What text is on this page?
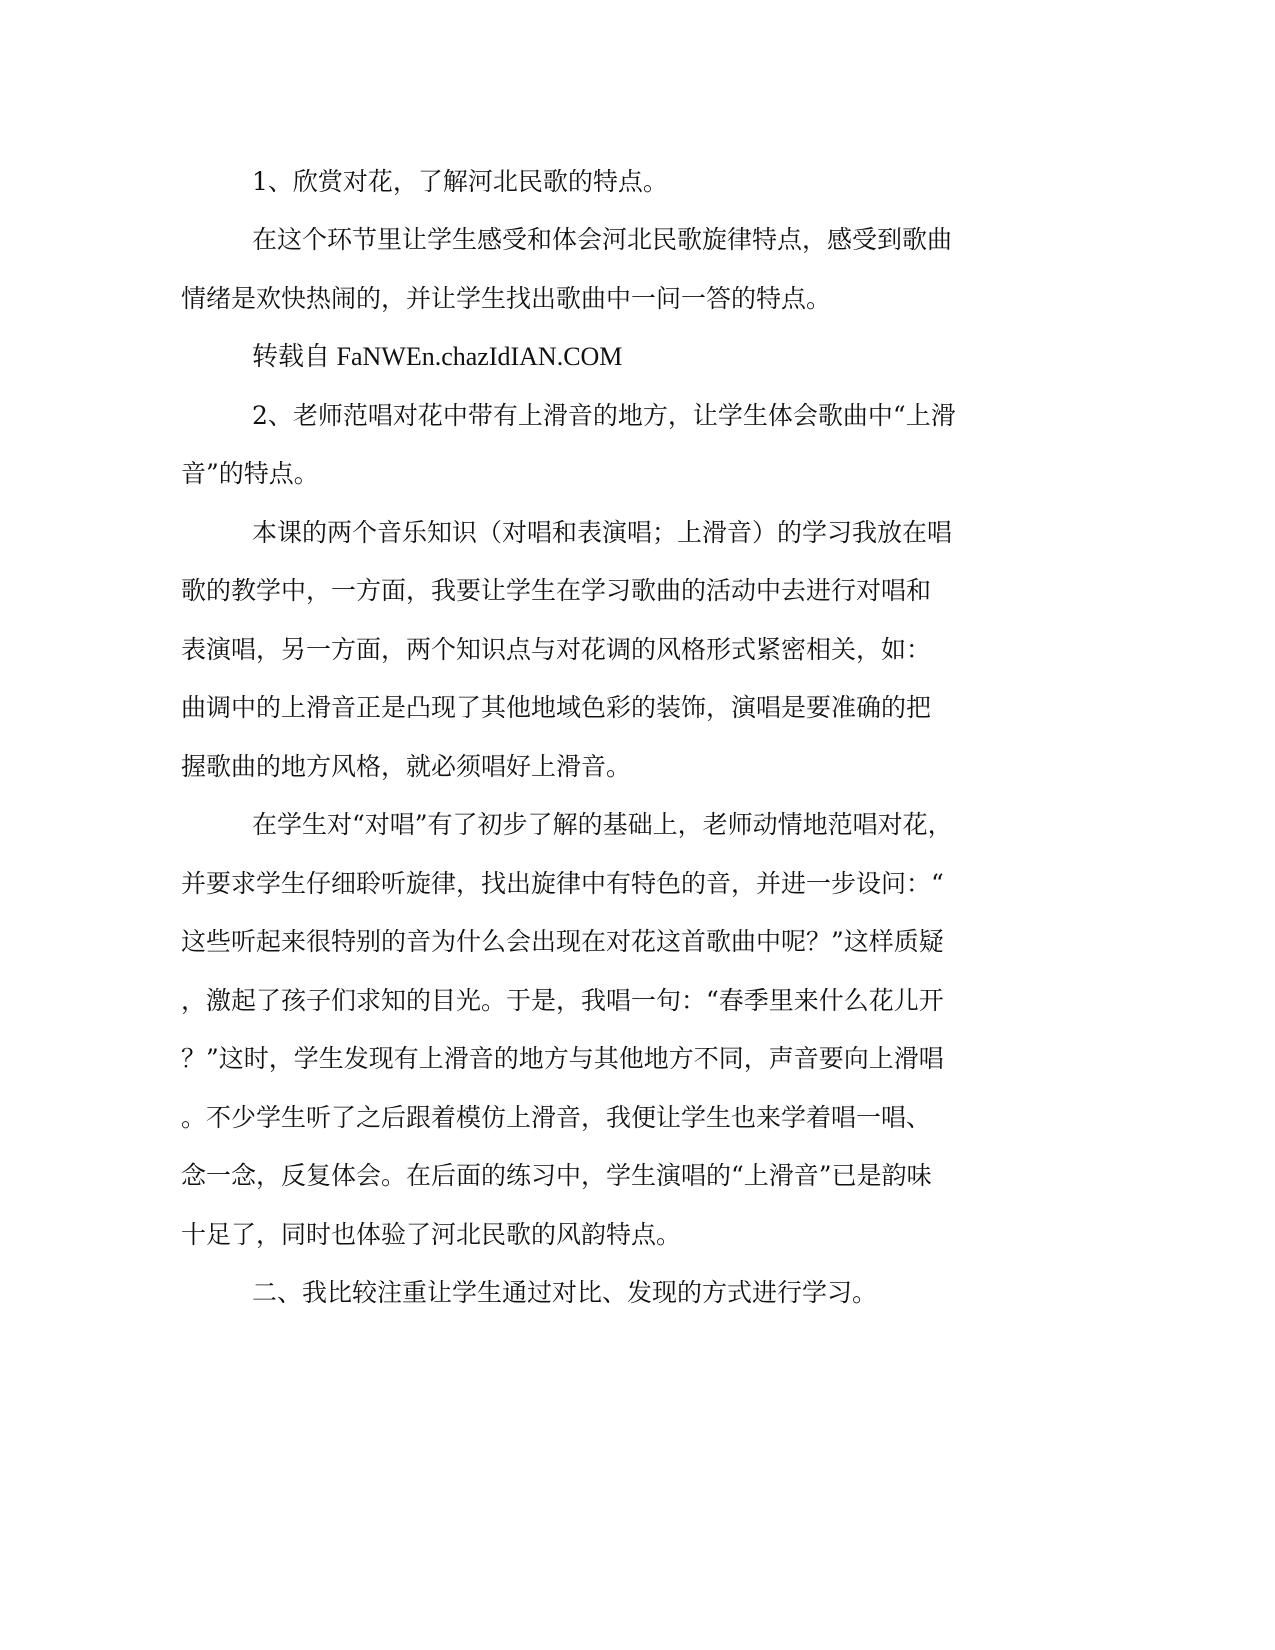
1、欣赏对花，了解河北民歌的特点。
在这个环节里让学生感受和体会河北民歌旋律特点，感受到歌曲
情绪是欢快热闹的，并让学生找出歌曲中一问一答的特点。
转载自 FaNWEn.chazIdIAN.COM
2、老师范唱对花中带有上滑音的地方，让学生体会歌曲中“上滑
音”的特点。
本课的两个音乐知识（对唱和表演唱；上滑音）的学习我放在唱
歌的教学中，一方面，我要让学生在学习歌曲的活动中去进行对唱和
表演唱，另一方面，两个知识点与对花调的风格形式紧密相关，如：
曲调中的上滑音正是凸现了其他地域色彩的装饰，演唱是要准确的把
握歌曲的地方风格，就必须唱好上滑音。
在学生对“对唱”有了初步了解的基础上，老师动情地范唱对花，
并要求学生仔细聆听旋律，找出旋律中有特色的音，并进一步设问：“
这些听起来很特别的音为什么会出现在对花这首歌曲中呢？”这样质疑
，激起了孩子们求知的目光。于是，我唱一句：“春季里来什么花儿开
？”这时，学生发现有上滑音的地方与其他地方不同，声音要向上滑唱
。不少学生听了之后跟着模仿上滑音，我便让学生也来学着唱一唱、
念一念，反复体会。在后面的练习中，学生演唱的“上滑音”已是韵味
十足了，同时也体验了河北民歌的风韵特点。
二、我比较注重让学生通过对比、发现的方式进行学习。
